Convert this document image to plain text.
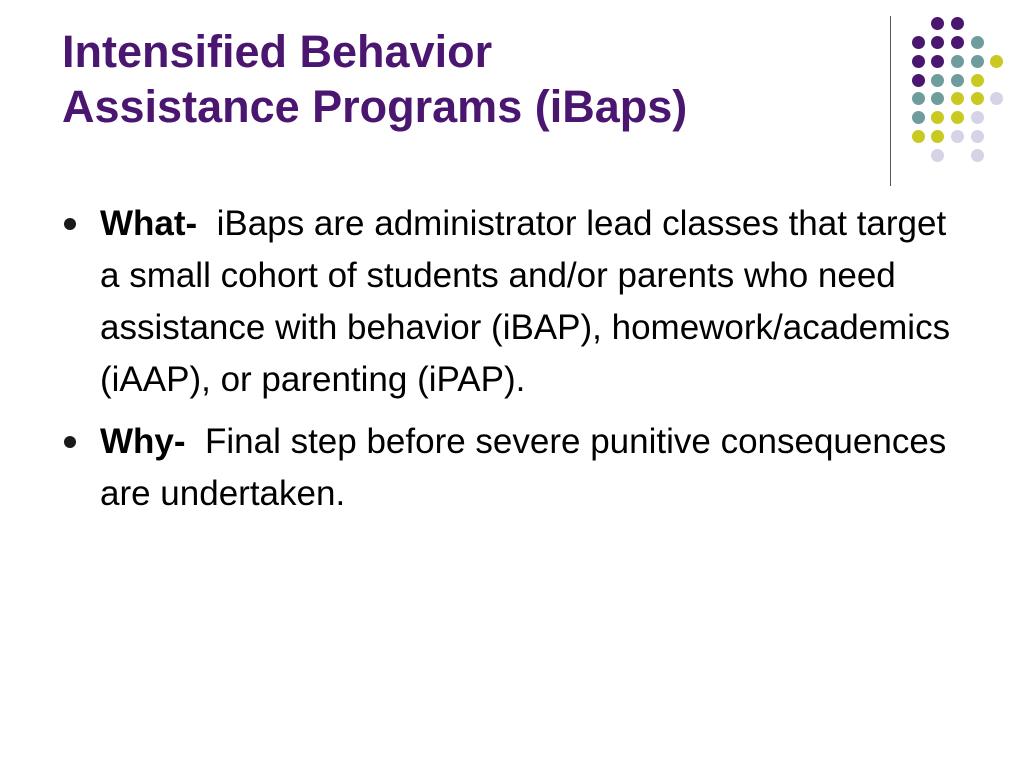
Intensified Behavior
Assistance Programs (iBaps)
What- iBaps are administrator lead classes that target a small cohort of students and/or parents who need assistance with behavior (iBAP), homework/academics (iAAP), or parenting (iPAP).
Why- Final step before severe punitive consequences are undertaken.
